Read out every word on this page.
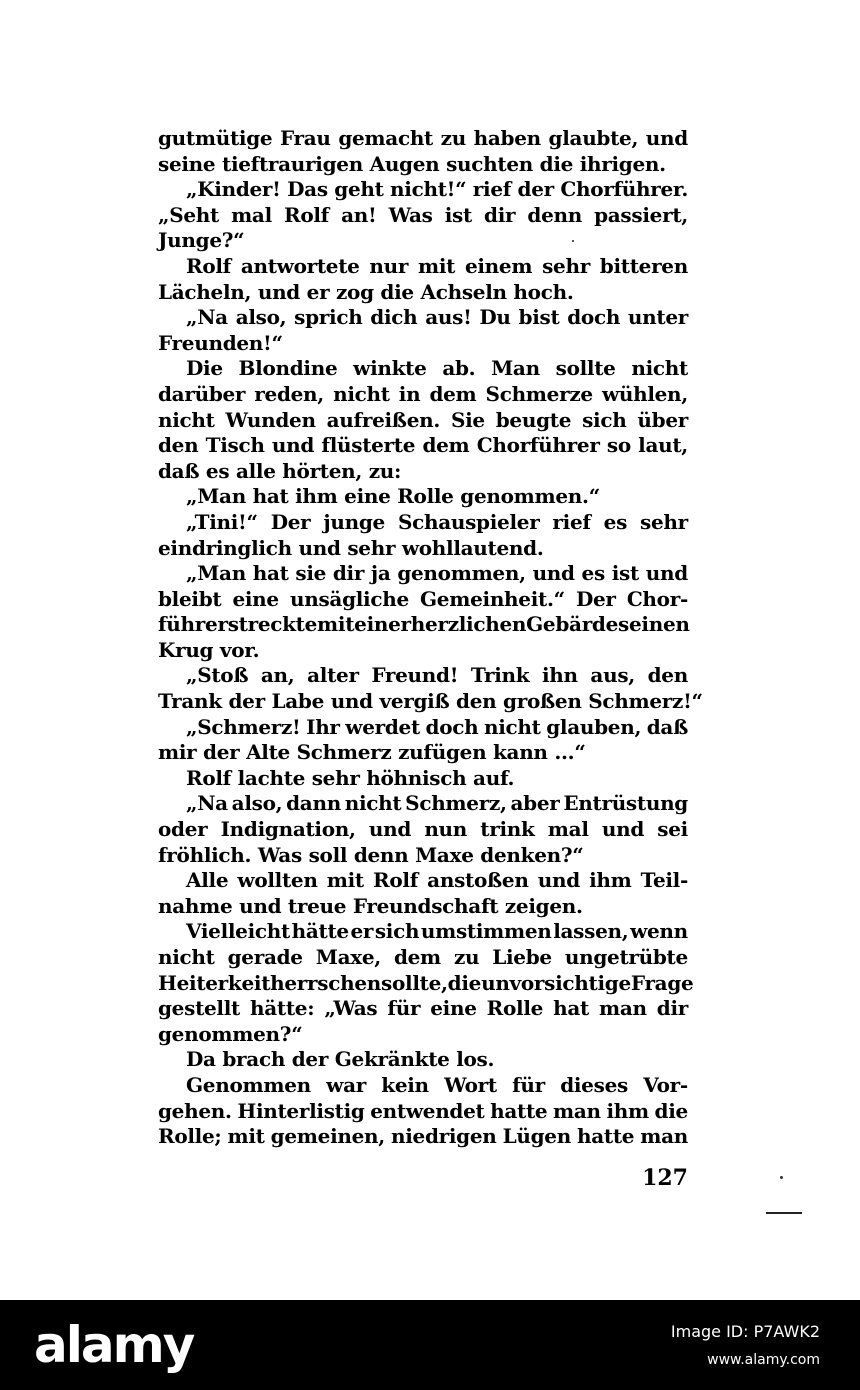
gutmütige Frau gemacht zu haben glaubte, und
seine tieftraurigen Augen suchten die ihrigen.
„Kinder! Das geht nicht!“ rief der Chorführer.
„Seht mal Rolf an! Was ist dir denn passiert,
Junge?“
Rolf antwortete nur mit einem sehr bitteren
Lächeln, und er zog die Achseln hoch.
„Na also, sprich dich aus! Du bist doch unter
Freunden!“
Die Blondine winkte ab. Man sollte nicht
darüber reden, nicht in dem Schmerze wühlen,
nicht Wunden aufreißen. Sie beugte sich über
den Tisch und flüsterte dem Chorführer so laut,
daß es alle hörten, zu:
„Man hat ihm eine Rolle genommen.“
„Tini!“ Der junge Schauspieler rief es sehr
eindringlich und sehr wohllautend.
„Man hat sie dir ja genommen, und es ist und
bleibt eine unsägliche Gemeinheit.“ Der Chor-
führer streckte mit einer herzlichen Gebärde seinen
Krug vor.
„Stoß an, alter Freund! Trink ihn aus, den
Trank der Labe und vergiß den großen Schmerz!“
„Schmerz! Ihr werdet doch nicht glauben, daß
mir der Alte Schmerz zufügen kann ...“
Rolf lachte sehr höhnisch auf.
„Na also, dann nicht Schmerz, aber Entrüstung
oder Indignation, und nun trink mal und sei
fröhlich. Was soll denn Maxe denken?“
Alle wollten mit Rolf anstoßen und ihm Teil-
nahme und treue Freundschaft zeigen.
Vielleicht hätte er sich umstimmen lassen, wenn
nicht gerade Maxe, dem zu Liebe ungetrübte
Heiterkeit herrschen sollte, die unvorsichtige Frage
gestellt hätte: „Was für eine Rolle hat man dir
genommen?“
Da brach der Gekränkte los.
Genommen war kein Wort für dieses Vor-
gehen. Hinterlistig entwendet hatte man ihm die
Rolle; mit gemeinen, niedrigen Lügen hatte man
127
alamy	Image ID: P7AWK2
www.alamy.com
